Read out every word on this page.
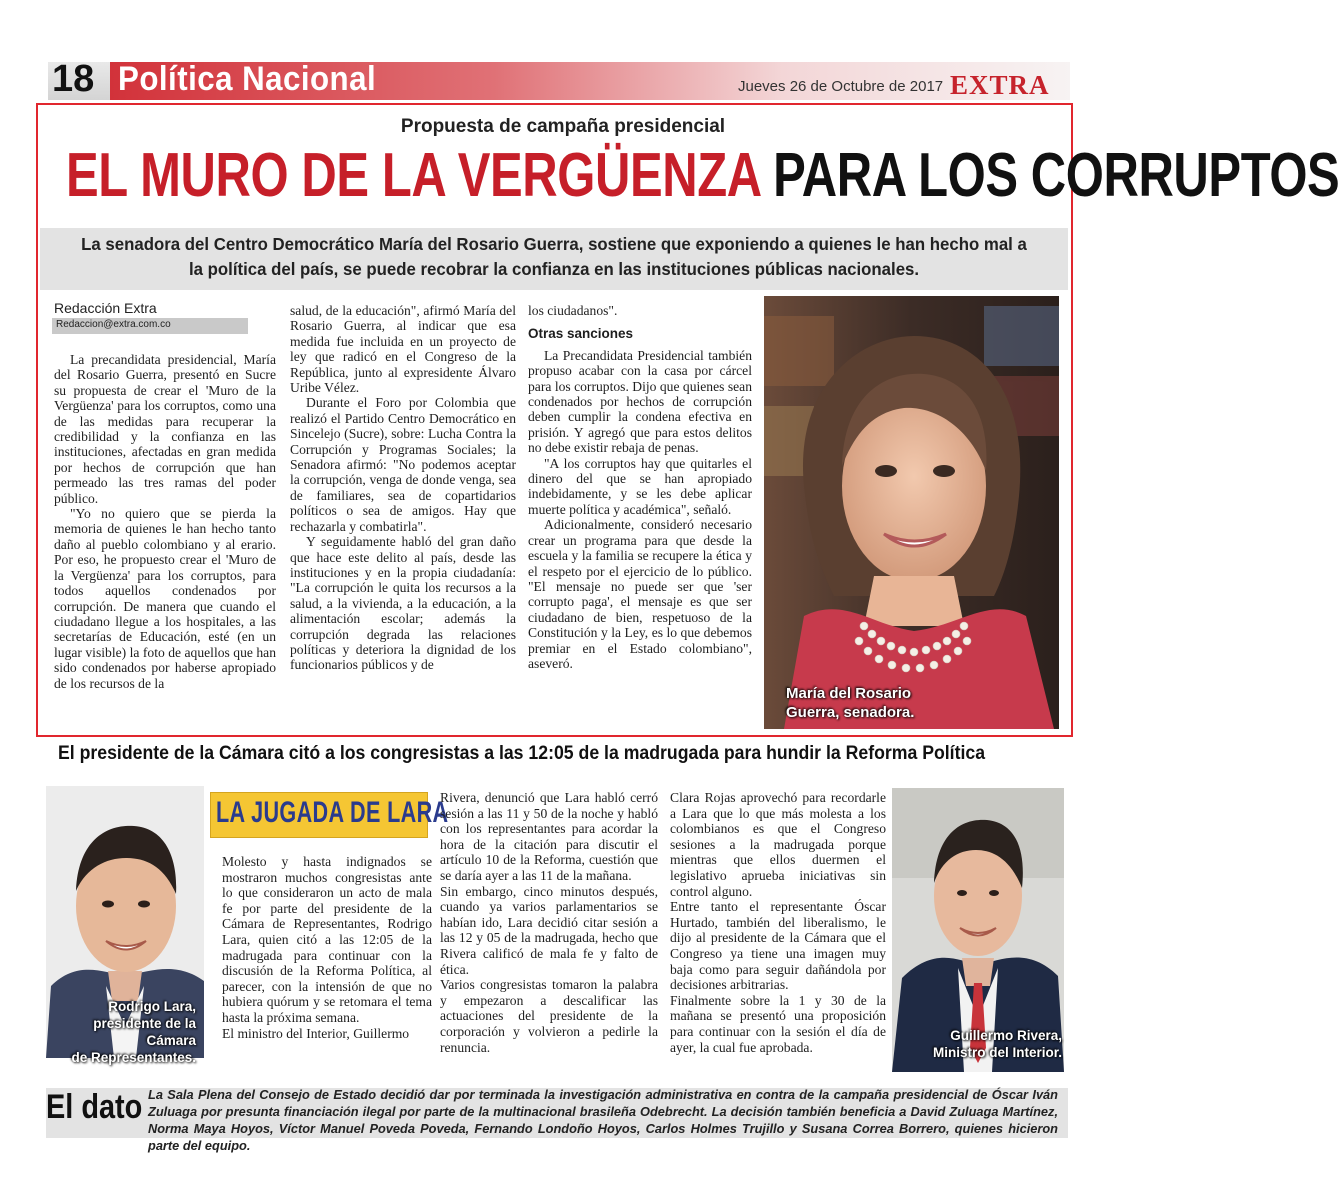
18 Política Nacional	Jueves 26 de Octubre de 2017 EXTRA
Propuesta de campaña presidencial
EL MURO DE LA VERGÜENZA PARA LOS CORRUPTOS
La senadora del Centro Democrático María del Rosario Guerra, sostiene que exponiendo a quienes le han hecho mal a la política del país, se puede recobrar la confianza en las instituciones públicas nacionales.
Redacción Extra
Redaccion@extra.com.co

La precandidata presidencial, María del Rosario Guerra, presentó en Sucre su propuesta de crear el 'Muro de la Vergüenza' para los corruptos, como una de las medidas para recuperar la credibilidad y la confianza en las instituciones, afectadas en gran medida por hechos de corrupción que han permeado las tres ramas del poder público.

"Yo no quiero que se pierda la memoria de quienes le han hecho tanto daño al pueblo colombiano y al erario. Por eso, he propuesto crear el 'Muro de la Vergüenza' para los corruptos, para todos aquellos condenados por corrupción. De manera que cuando el ciudadano llegue a los hospitales, a las secretarías de Educación, esté (en un lugar visible) la foto de aquellos que han sido condenados por haberse apropiado de los recursos de la

salud, de la educación", afirmó María del Rosario Guerra, al indicar que esa medida fue incluida en un proyecto de ley que radicó en el Congreso de la República, junto al expresidente Álvaro Uribe Vélez.

Durante el Foro por Colombia que realizó el Partido Centro Democrático en Sincelejo (Sucre), sobre: Lucha Contra la Corrupción y Programas Sociales; la Senadora afirmó: "No podemos aceptar la corrupción, venga de donde venga, sea de familiares, sea de copartidarios políticos o sea de amigos. Hay que rechazarla y combatirla".

Y seguidamente habló del gran daño que hace este delito al país, desde las instituciones y en la propia ciudadanía: "La corrupción le quita los recursos a la salud, a la vivienda, a la educación, a la alimentación escolar; además la corrupción degrada las relaciones políticas y deteriora la dignidad de los funcionarios públicos y de

los ciudadanos".

Otras sanciones

La Precandidata Presidencial también propuso acabar con la casa por cárcel para los corruptos. Dijo que quienes sean condenados por hechos de corrupción deben cumplir la condena efectiva en prisión. Y agregó que para estos delitos no debe existir rebaja de penas.

"A los corruptos hay que quitarles el dinero del que se han apropiado indebidamente, y se les debe aplicar muerte política y académica", señaló.

Adicionalmente, consideró necesario crear un programa para que desde la escuela y la familia se recupere la ética y el respeto por el ejercicio de lo público. "El mensaje no puede ser que 'ser corrupto paga', el mensaje es que ser ciudadano de bien, respetuoso de la Constitución y la Ley, es lo que debemos premiar en el Estado colombiano", aseveró.

María del Rosario
Guerra, senadora.
El presidente de la Cámara citó a los congresistas a las 12:05 de la madrugada para hundir la Reforma Política
Rodrigo Lara,
presidente de la Cámara
de Representantes.
LA JUGADA DE LARA

Molesto y hasta indignados se mostraron muchos congresistas ante lo que consideraron un acto de mala fe por parte del presidente de la Cámara de Representantes, Rodrigo Lara, quien citó a las 12:05 de la madrugada para continuar con la discusión de la Reforma Política, al parecer, con la intensión de que no hubiera quórum y se retomara el tema hasta la próxima semana.

El ministro del Interior, Guillermo

Rivera, denunció que Lara habló cerró sesión a las 11 y 50 de la noche y habló con los representantes para acordar la hora de la citación para discutir el artículo 10 de la Reforma, cuestión que se daría ayer a las 11 de la mañana.

Sin embargo, cinco minutos después, cuando ya varios parlamentarios se habían ido, Lara decidió citar sesión a las 12 y 05 de la madrugada, hecho que Rivera calificó de mala fe y falto de ética.

Varios congresistas tomaron la palabra y empezaron a descalificar las actuaciones del presidente de la corporación y volvieron a pedirle la renuncia.

Clara Rojas aprovechó para recordarle a Lara que lo que más molesta a los colombianos es que el Congreso sesiones a la madrugada porque mientras que ellos duermen el legislativo aprueba iniciativas sin control alguno.

Entre tanto el representante Óscar Hurtado, también del liberalismo, le dijo al presidente de la Cámara que el Congreso ya tiene una imagen muy baja como para seguir dañándola por decisiones arbitrarias.

Finalmente sobre la 1 y 30 de la mañana se presentó una proposición para continuar con la sesión el día de ayer, la cual fue aprobada.

Guillermo Rivera,
Ministro del Interior.
El dato La Sala Plena del Consejo de Estado decidió dar por terminada la investigación administrativa en contra de la campaña presidencial de Óscar Iván Zuluaga por presunta financiación ilegal por parte de la multinacional brasileña Odebrecht. La decisión también beneficia a David Zuluaga Martínez, Norma Maya Hoyos, Víctor Manuel Poveda Poveda, Fernando Londoño Hoyos, Carlos Holmes Trujillo y Susana Correa Borrero, quienes hicieron parte del equipo.
